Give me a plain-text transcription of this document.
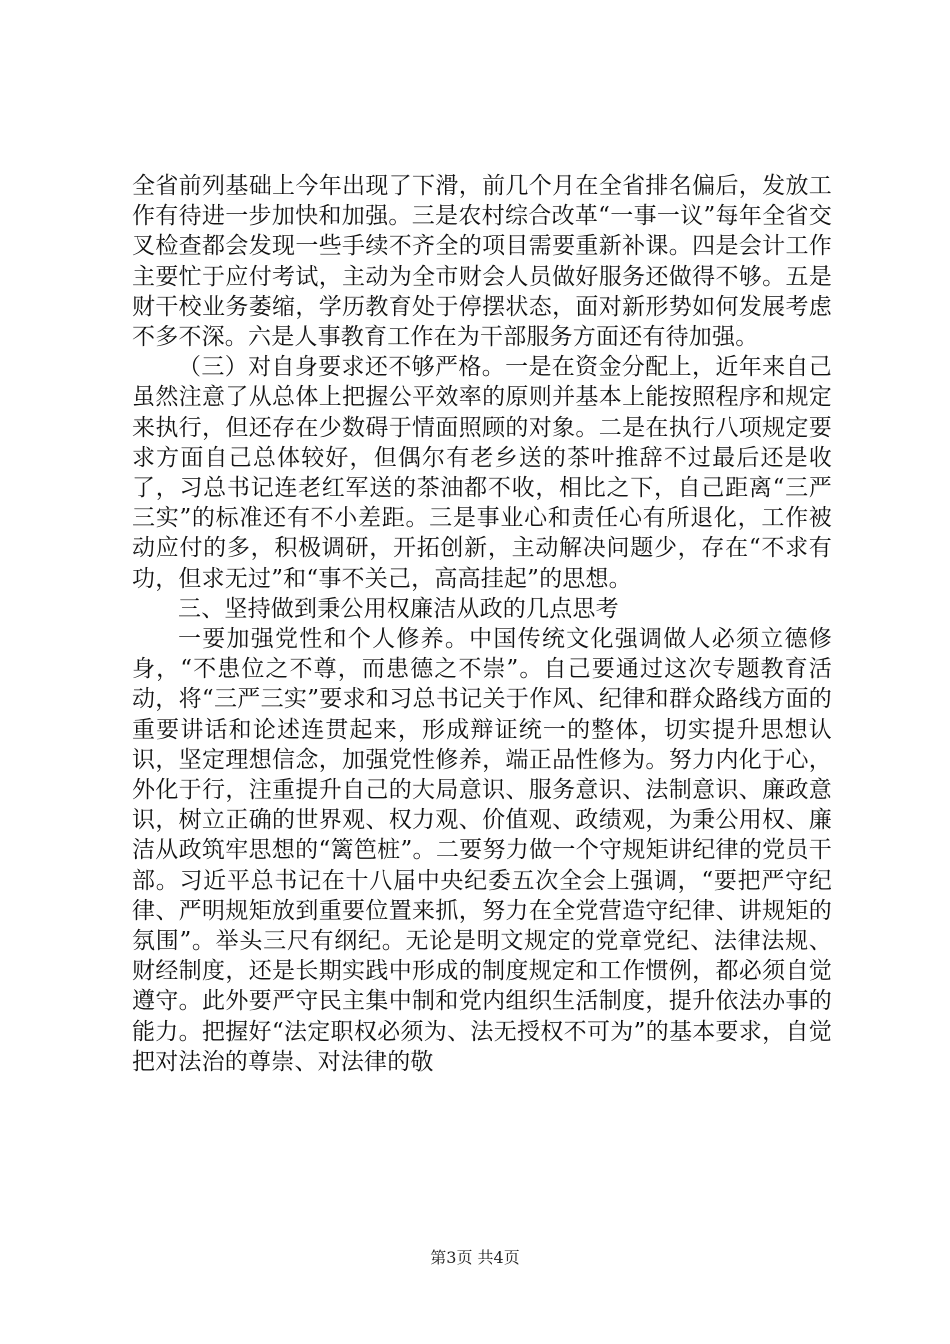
全省前列基础上今年出现了下滑，前几个月在全省排名偏后，发放工作有待进一步加快和加强。三是农村综合改革“一事一议”每年全省交叉检查都会发现一些手续不齐全的项目需要重新补课。四是会计工作主要忙于应付考试，主动为全市财会人员做好服务还做得不够。五是财干校业务萎缩，学历教育处于停摆状态，面对新形势如何发展考虑不多不深。六是人事教育工作在为干部服务方面还有待加强。

（三）对自身要求还不够严格。一是在资金分配上，近年来自己虽然注意了从总体上把握公平效率的原则并基本上能按照程序和规定来执行，但还存在少数碍于情面照顾的对象。二是在执行八项规定要求方面自己总体较好，但偶尔有老乡送的茶叶推辞不过最后还是收了，习总书记连老红军送的茶油都不收，相比之下，自己距离“三严三实”的标准还有不小差距。三是事业心和责任心有所退化，工作被动应付的多，积极调研，开拓创新，主动解决问题少，存在“不求有功，但求无过”和“事不关己，高高挂起”的思想。

三、坚持做到秉公用权廉洁从政的几点思考

一要加强党性和个人修养。中国传统文化强调做人必须立德修身，“不患位之不尊，而患德之不崇”。自己要通过这次专题教育活动，将“三严三实”要求和习总书记关于作风、纪律和群众路线方面的重要讲话和论述连贯起来，形成辩证统一的整体，切实提升思想认识，坚定理想信念，加强党性修养，端正品性修为。努力内化于心，外化于行，注重提升自己的大局意识、服务意识、法制意识、廉政意识，树立正确的世界观、权力观、价值观、政绩观，为秉公用权、廉洁从政筑牢思想的“篱笆桩”。二要努力做一个守规矩讲纪律的党员干部。习近平总书记在十八届中央纪委五次全会上强调，“要把严守纪律、严明规矩放到重要位置来抓，努力在全党营造守纪律、讲规矩的氛围”。举头三尺有纲纪。无论是明文规定的党章党纪、法律法规、财经制度，还是长期实践中形成的制度规定和工作惯例，都必须自觉遵守。此外要严守民主集中制和党内组织生活制度，提升依法办事的能力。把握好“法定职权必须为、法无授权不可为”的基本要求，自觉把对法治的尊崇、对法律的敬

第3页 共4页
